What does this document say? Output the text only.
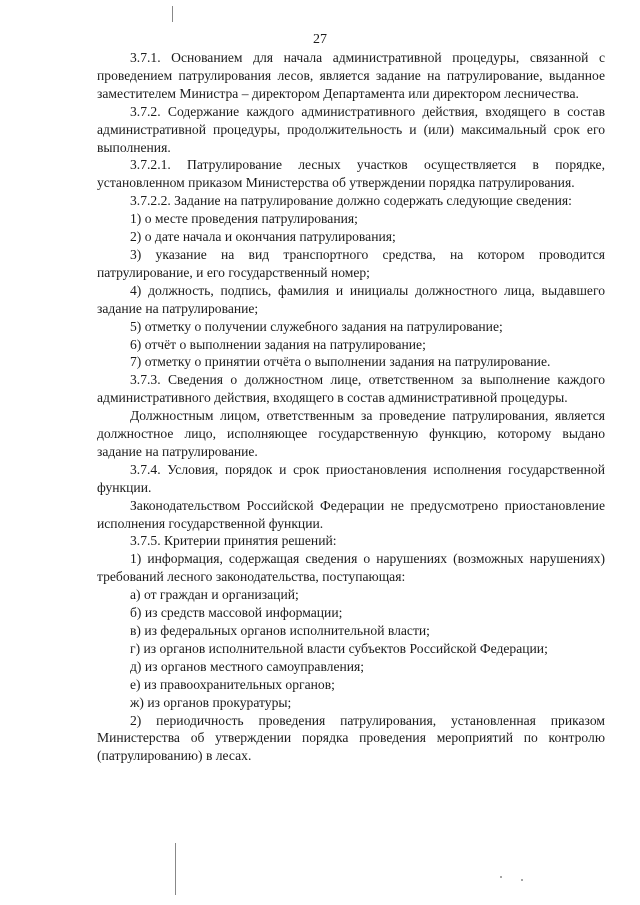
27

3.7.1. Основанием для начала административной процедуры, связанной с проведением патрулирования лесов, является задание на патрулирование, выданное заместителем Министра – директором Департамента или директором лесничества.

3.7.2. Содержание каждого административного действия, входящего в состав административной процедуры, продолжительность и (или) максимальный срок его выполнения.

3.7.2.1. Патрулирование лесных участков осуществляется в порядке, установленном приказом Министерства об утверждении порядка патрулирования.

3.7.2.2. Задание на патрулирование должно содержать следующие сведения:

1) о месте проведения патрулирования;

2) о дате начала и окончания патрулирования;

3) указание на вид транспортного средства, на котором проводится патрулирование, и его государственный номер;

4) должность, подпись, фамилия и инициалы должностного лица, выдавшего задание на патрулирование;

5) отметку о получении служебного задания на патрулирование;

6) отчёт о выполнении задания на патрулирование;

7) отметку о принятии отчёта о выполнении задания на патрулирование.

3.7.3. Сведения о должностном лице, ответственном за выполнение каждого административного действия, входящего в состав административной процедуры.

Должностным лицом, ответственным за проведение патрулирования, является должностное лицо, исполняющее государственную функцию, которому выдано задание на патрулирование.

3.7.4. Условия, порядок и срок приостановления исполнения государственной функции.

Законодательством Российской Федерации не предусмотрено приостановление исполнения государственной функции.

3.7.5. Критерии принятия решений:

1) информация, содержащая сведения о нарушениях (возможных нарушениях) требований лесного законодательства, поступающая:

а) от граждан и организаций;

б) из средств массовой информации;

в) из федеральных органов исполнительной власти;

г) из органов исполнительной власти субъектов Российской Федерации;

д) из органов местного самоуправления;

е) из правоохранительных органов;

ж) из органов прокуратуры;

2) периодичность проведения патрулирования, установленная приказом Министерства об утверждении порядка проведения мероприятий по контролю (патрулированию) в лесах.
